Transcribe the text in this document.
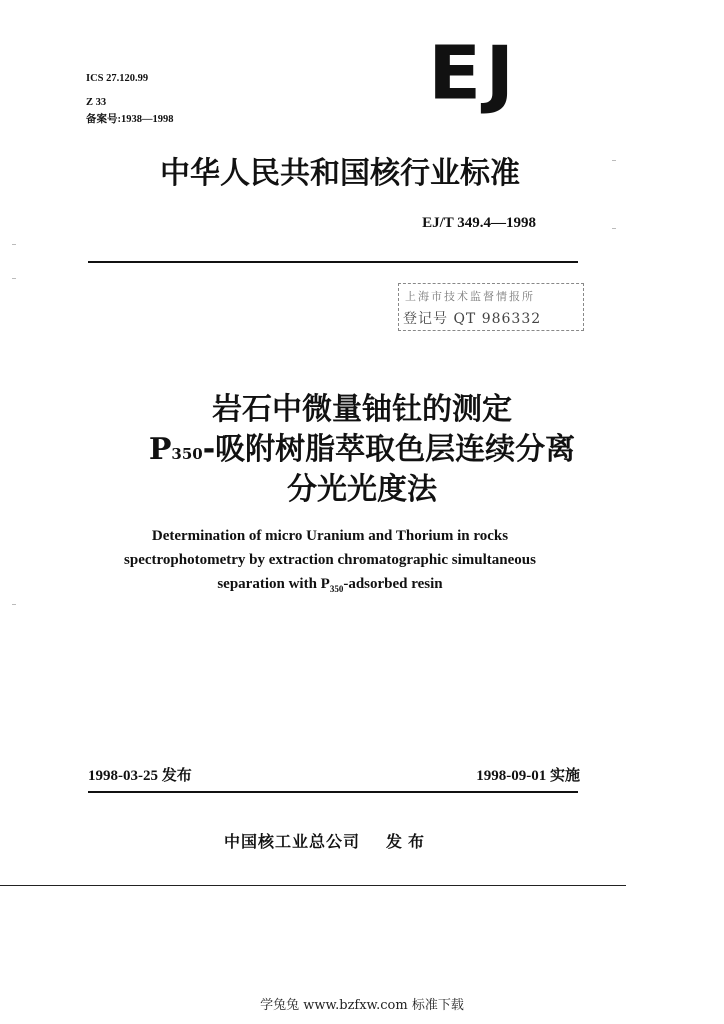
ICS 27.120.99
Z 33
备案号:1938—1998
EJ
中华人民共和国核行业标准
EJ/T 349.4—1998
上海市技术监督情报所
登记号 QT 986332
岩石中微量铀钍的测定
P350-吸附树脂萃取色层连续分离
分光光度法
Determination of micro Uranium and Thorium in rocks
spectrophotometry by extraction chromatographic simultaneous
separation with $P_{350}$-adsorbed resin
1998-03-25 发布	1998-09-01 实施
中国核工业总公司 发布
学兔兔 www.bzfxw.com 标准下载
